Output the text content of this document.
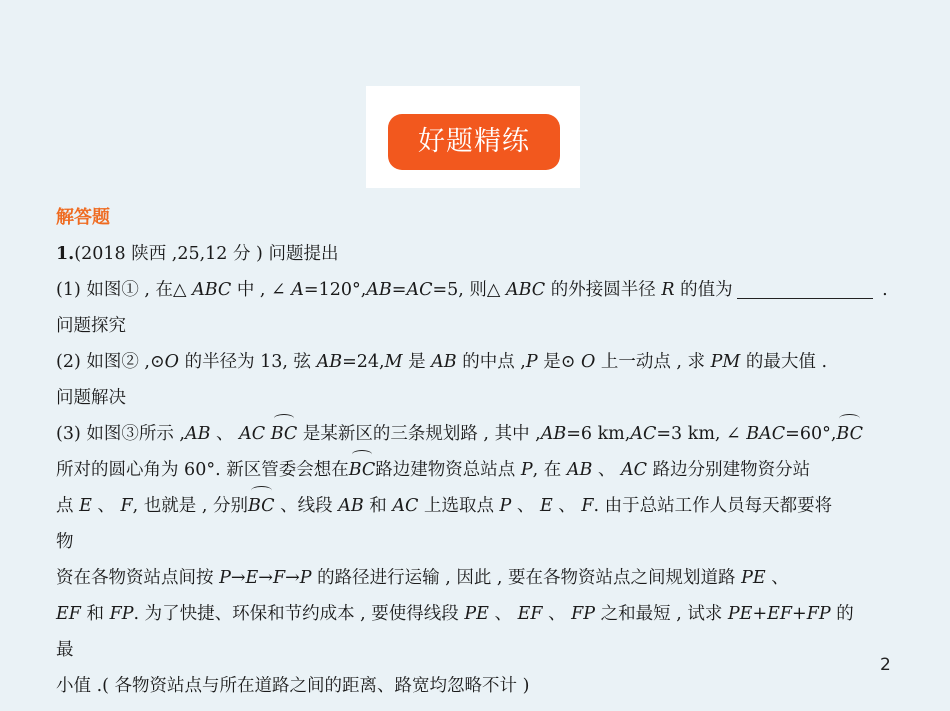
好题精练
解答题
1.(2018 陕西 ,25,12 分 ) 问题提出
(1) 如图① , 在△ ABC 中 , ∠ A=120°,AB=AC=5, 则△ ABC 的外接圆半径 R 的值为	.
问题探究
(2) 如图② ,⊙O 的半径为 13, 弦 AB=24,M 是 AB 的中点 ,P 是⊙ O 上一动点 , 求 PM 的最大值 .
问题解决
(3) 如图③所示 ,AB 、 AC BC 是某新区的三条规划路 , 其中 ,AB=6 km,AC=3 km, ∠ BAC=60°,BC
所对的圆心角为 60°. 新区管委会想在BC路边建物资总站点 P, 在 AB 、 AC 路边分别建物资分站
点 E 、 F, 也就是 , 分别BC 、线段 AB 和 AC 上选取点 P 、 E 、 F. 由于总站工作人员每天都要将
物
资在各物资站点间按 P→E→F→P 的路径进行运输 , 因此 , 要在各物资站点之间规划道路 PE 、
EF 和 FP. 为了快捷、环保和节约成本 , 要使得线段 PE 、 EF 、 FP 之和最短 , 试求 PE+EF+FP 的
最
小值 .( 各物资站点与所在道路之间的距离、路宽均忽略不计 )
2
